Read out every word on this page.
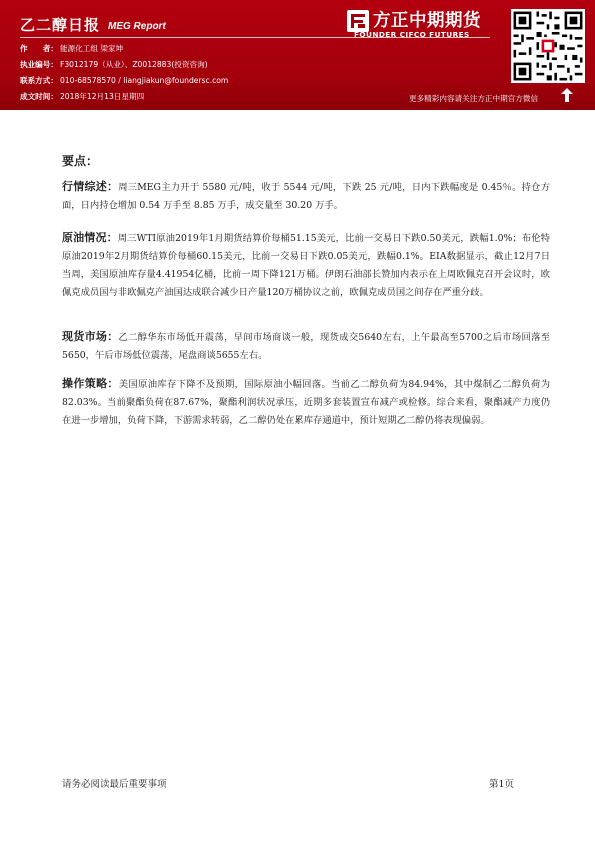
乙二醇日报 MEG Report
作　　者： 能源化工组 梁家坤
执业编号： F3012179（从业）、Z0012883(投资咨询)
联系方式： 010-68578570 / liangjiakun@foundersc.com
成文时间： 2018年12月13日星期四
方正中期期货
FOUNDER CIFCO FUTURES
更多精彩内容请关注方正中期官方微信
要点：
行情综述：周三MEG主力开于 5580 元/吨，收于 5544 元/吨，下跌 25 元/吨，日内下跌幅度是 0.45％。持仓方面，日内持仓增加 0.54 万手至 8.85 万手，成交量至 30.20 万手。
原油情况：周三WTI原油2019年1月期货结算价每桶51.15美元，比前一交易日下跌0.50美元，跌幅1.0%；布伦特原油2019年2月期货结算价每桶60.15美元，比前一交易日下跌0.05美元，跌幅0.1%。EIA数据显示，截止12月7日当周，美国原油库存量4.41954亿桶，比前一周下降121万桶。伊朗石油部长赞加内表示在上周欧佩克召开会议时，欧佩克成员国与非欧佩克产油国达成联合减少日产量120万桶协议之前，欧佩克成员国之间存在严重分歧。
现货市场：乙二醇华东市场低开震荡，早间市场商谈一般，现货成交5640左右，上午最高至5700之后市场回落至5650，午后市场低位震荡，尾盘商谈5655左右。
操作策略：美国原油库存下降不及预期，国际原油小幅回落。当前乙二醇负荷为84.94%，其中煤制乙二醇负荷为82.03%。当前聚酯负荷在87.67%，聚酯利润状况承压，近期多套装置宣布减产或检修。综合来看，聚酯减产力度仍在进一步增加，负荷下降，下游需求转弱，乙二醇仍处在累库存通道中，预计短期乙二醇仍将表现偏弱。
请务必阅读最后重要事项	第1页
